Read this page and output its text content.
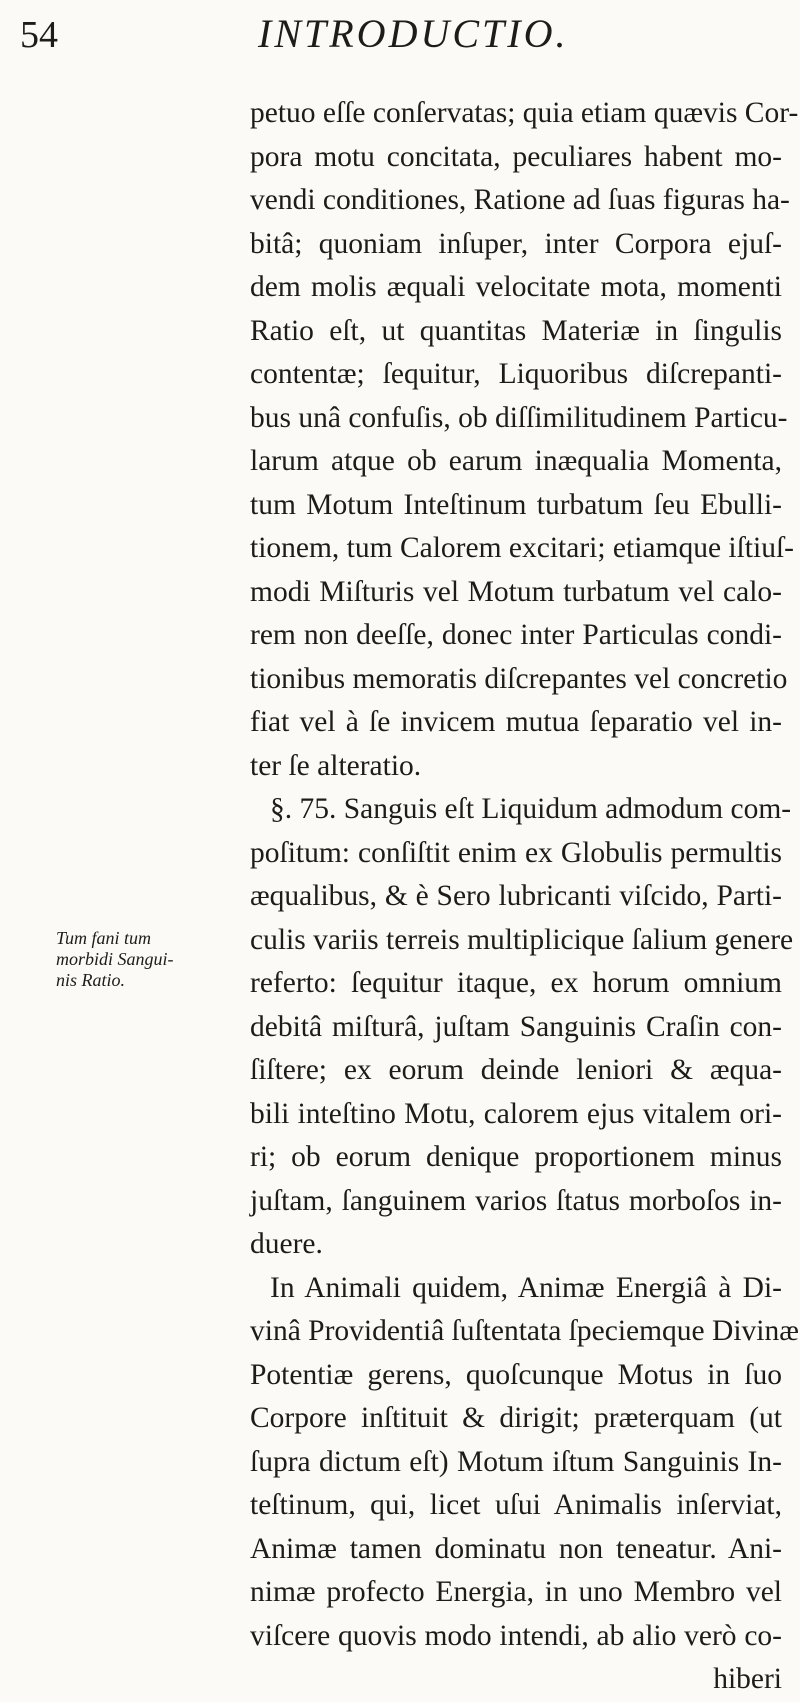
54	INTRODUCTIO.
Tum fani tum
morbidi Sangui-
nis Ratio.
petuo eſſe conſervatas; quia etiam quævis Cor-
pora motu concitata, peculiares habent mo-
vendi conditiones, Ratione ad ſuas figuras ha-
bitâ; quoniam inſuper, inter Corpora ejuſ-
dem molis æquali velocitate mota, momenti
Ratio eſt, ut quantitas Materiæ in ſingulis
contentæ; ſequitur, Liquoribus diſcrepanti-
bus unâ confuſis, ob diſſimilitudinem Particu-
larum atque ob earum inæqualia Momenta,
tum Motum Inteſtinum turbatum ſeu Ebulli-
tionem, tum Calorem excitari; etiamque iſtiuſ-
modi Miſturis vel Motum turbatum vel calo-
rem non deeſſe, donec inter Particulas condi-
tionibus memoratis diſcrepantes vel concretio
fiat vel à ſe invicem mutua ſeparatio vel in-
ter ſe alteratio.
§. 75. Sanguis eſt Liquidum admodum com-
poſitum: conſiſtit enim ex Globulis permultis
æqualibus, & è Sero lubricanti viſcido, Parti-
culis variis terreis multiplicique ſalium genere
referto: ſequitur itaque, ex horum omnium
debitâ miſturâ, juſtam Sanguinis Craſin con-
ſiſtere; ex eorum deinde leniori & æqua-
bili inteſtino Motu, calorem ejus vitalem ori-
ri; ob eorum denique proportionem minus
juſtam, ſanguinem varios ſtatus morboſos in-
duere.
In Animali quidem, Animæ Energiâ à Di-
vinâ Providentiâ ſuſtentata ſpeciemque Divinæ
Potentiæ gerens, quoſcunque Motus in ſuo
Corpore inſtituit & dirigit; præterquam (ut
ſupra dictum eſt) Motum iſtum Sanguinis In-
teſtinum, qui, licet uſui Animalis inſerviat,
Animæ tamen dominatu non teneatur. Ani-
nimæ profecto Energia, in uno Membro vel
viſcere quovis modo intendi, ab alio verò co-
hiberi
